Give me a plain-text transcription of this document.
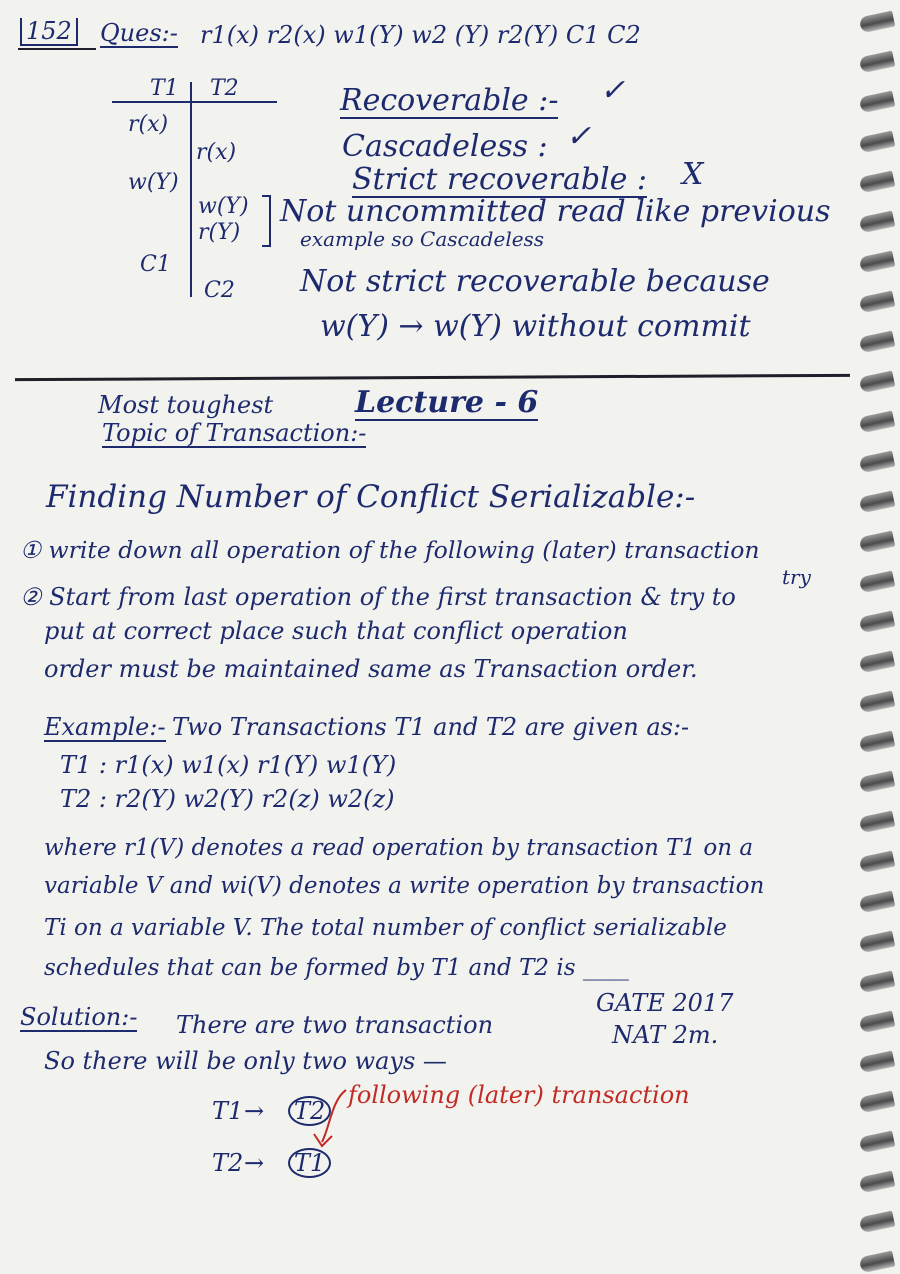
152 Ques:- r1(x) r2(x) w1(Y) w2 (Y) r2(Y) C1 C2
T1 T2
r(x)
w(Y)
C1
r(x)
w(Y)
r(Y)
C2
Recoverable :- ✓
Cascadeless : ✓
Strict recoverable : X
Not uncommitted read like previous
example so Cascadeless
Not strict recoverable because
w(Y) → w(Y) without commit
Most toughest
Topic of Transaction:-
Lecture - 6
Finding Number of Conflict Serializable:-
① write down all operation of the following (later) transaction
try
② Start from last operation of the first transaction & try to
put at correct place such that conflict operation
order must be maintained same as Transaction order.
Example:- Two Transactions T1 and T2 are given as:-
T1 : r1(x) w1(x) r1(Y) w1(Y)
T2 : r2(Y) w2(Y) r2(z) w2(z)
where r1(V) denotes a read operation by transaction T1 on a
variable V and wi(V) denotes a write operation by transaction
Ti on a variable V. The total number of conflict serializable
schedules that can be formed by T1 and T2 is ____
GATE 2017
NAT 2m.
Solution:- There are two transaction
So there will be only two ways —
T1 → T2
T2 → T1
following (later) transaction
